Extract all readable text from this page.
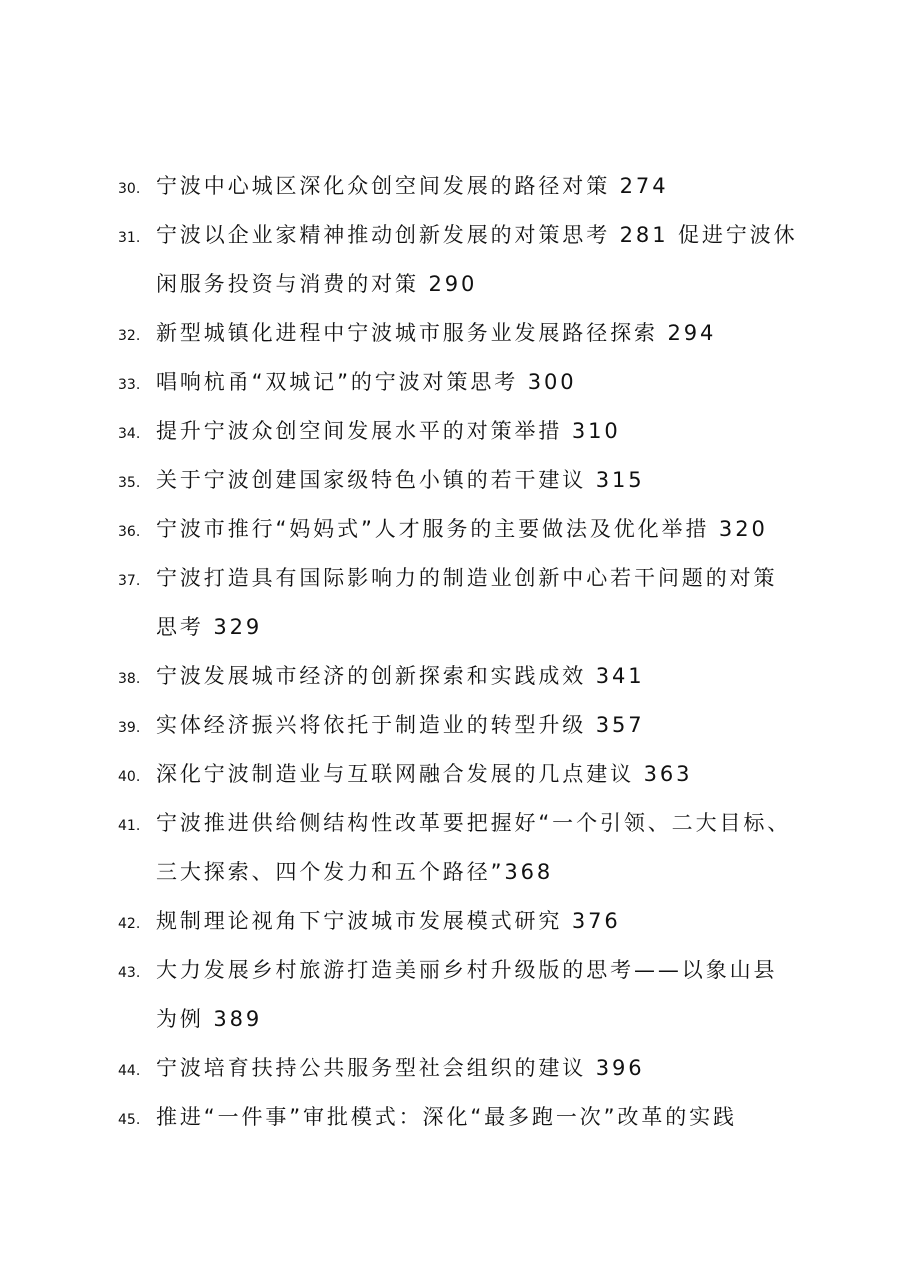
30. 宁波中心城区深化众创空间发展的路径对策 274
31. 宁波以企业家精神推动创新发展的对策思考 281 促进宁波休
闲服务投资与消费的对策 290
32. 新型城镇化进程中宁波城市服务业发展路径探索 294
33. 唱响杭甬“双城记”的宁波对策思考 300
34. 提升宁波众创空间发展水平的对策举措 310
35. 关于宁波创建国家级特色小镇的若干建议 315
36. 宁波市推行“妈妈式”人才服务的主要做法及优化举措 320
37. 宁波打造具有国际影响力的制造业创新中心若干问题的对策
思考 329
38. 宁波发展城市经济的创新探索和实践成效 341
39. 实体经济振兴将依托于制造业的转型升级 357
40. 深化宁波制造业与互联网融合发展的几点建议 363
41. 宁波推进供给侧结构性改革要把握好“一个引领、二大目标、
三大探索、四个发力和五个路径”368
42. 规制理论视角下宁波城市发展模式研究 376
43. 大力发展乡村旅游打造美丽乡村升级版的思考——以象山县
为例 389
44. 宁波培育扶持公共服务型社会组织的建议 396
45. 推进“一件事”审批模式：深化“最多跑一次”改革的实践
